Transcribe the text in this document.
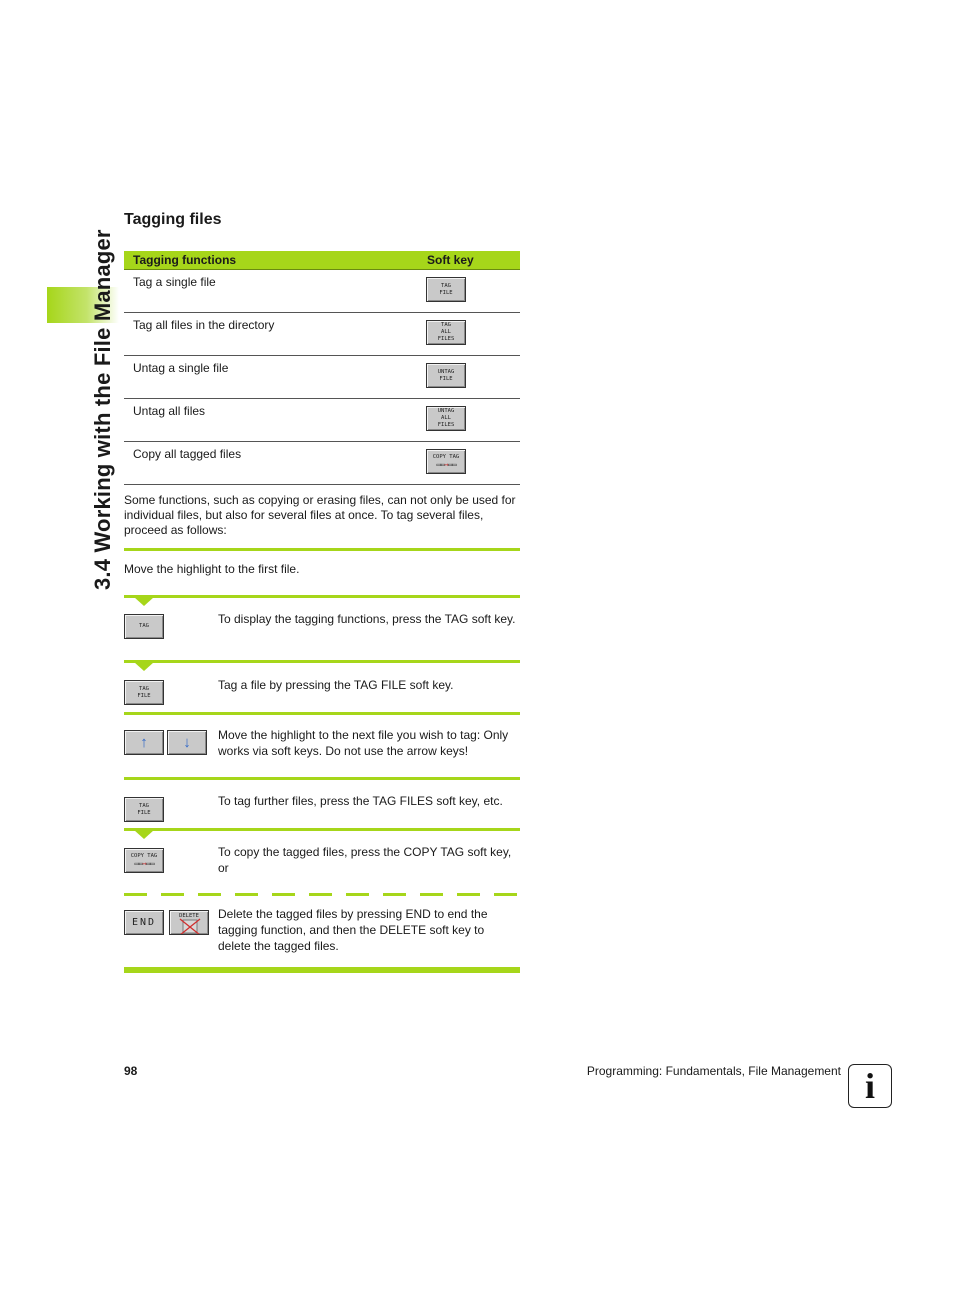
3.4 Working with the File Manager
Tagging files
Tagging functions	Soft key
Tag a single file	TAG
FILE
Tag all files in the directory	TAG
ALL
FILES
Untag a single file	UNTAG
FILE
Untag all files	UNTAG
ALL
FILES
Copy all tagged files	COPY TAG
▭▭→▭▭
Some functions, such as copying or erasing files, can not only be used for individual files, but also for several files at once. To tag several files, proceed as follows:
Move the highlight to the first file.
TAG	To display the tagging functions, press the TAG soft key.
TAG
FILE
Tag a file by pressing the TAG FILE soft key.
↑	↓	Move the highlight to the next file you wish to tag: Only works via soft keys. Do not use the arrow keys!
TAG
FILE
To tag further files, press the TAG FILES soft key, etc.
COPY TAG
▭▭→▭▭
To copy the tagged files, press the COPY TAG soft key, or
END
DELETE	Delete the tagged files by pressing END to end the tagging function, and then the DELETE soft key to delete the tagged files.
98	Programming: Fundamentals, File Management i
